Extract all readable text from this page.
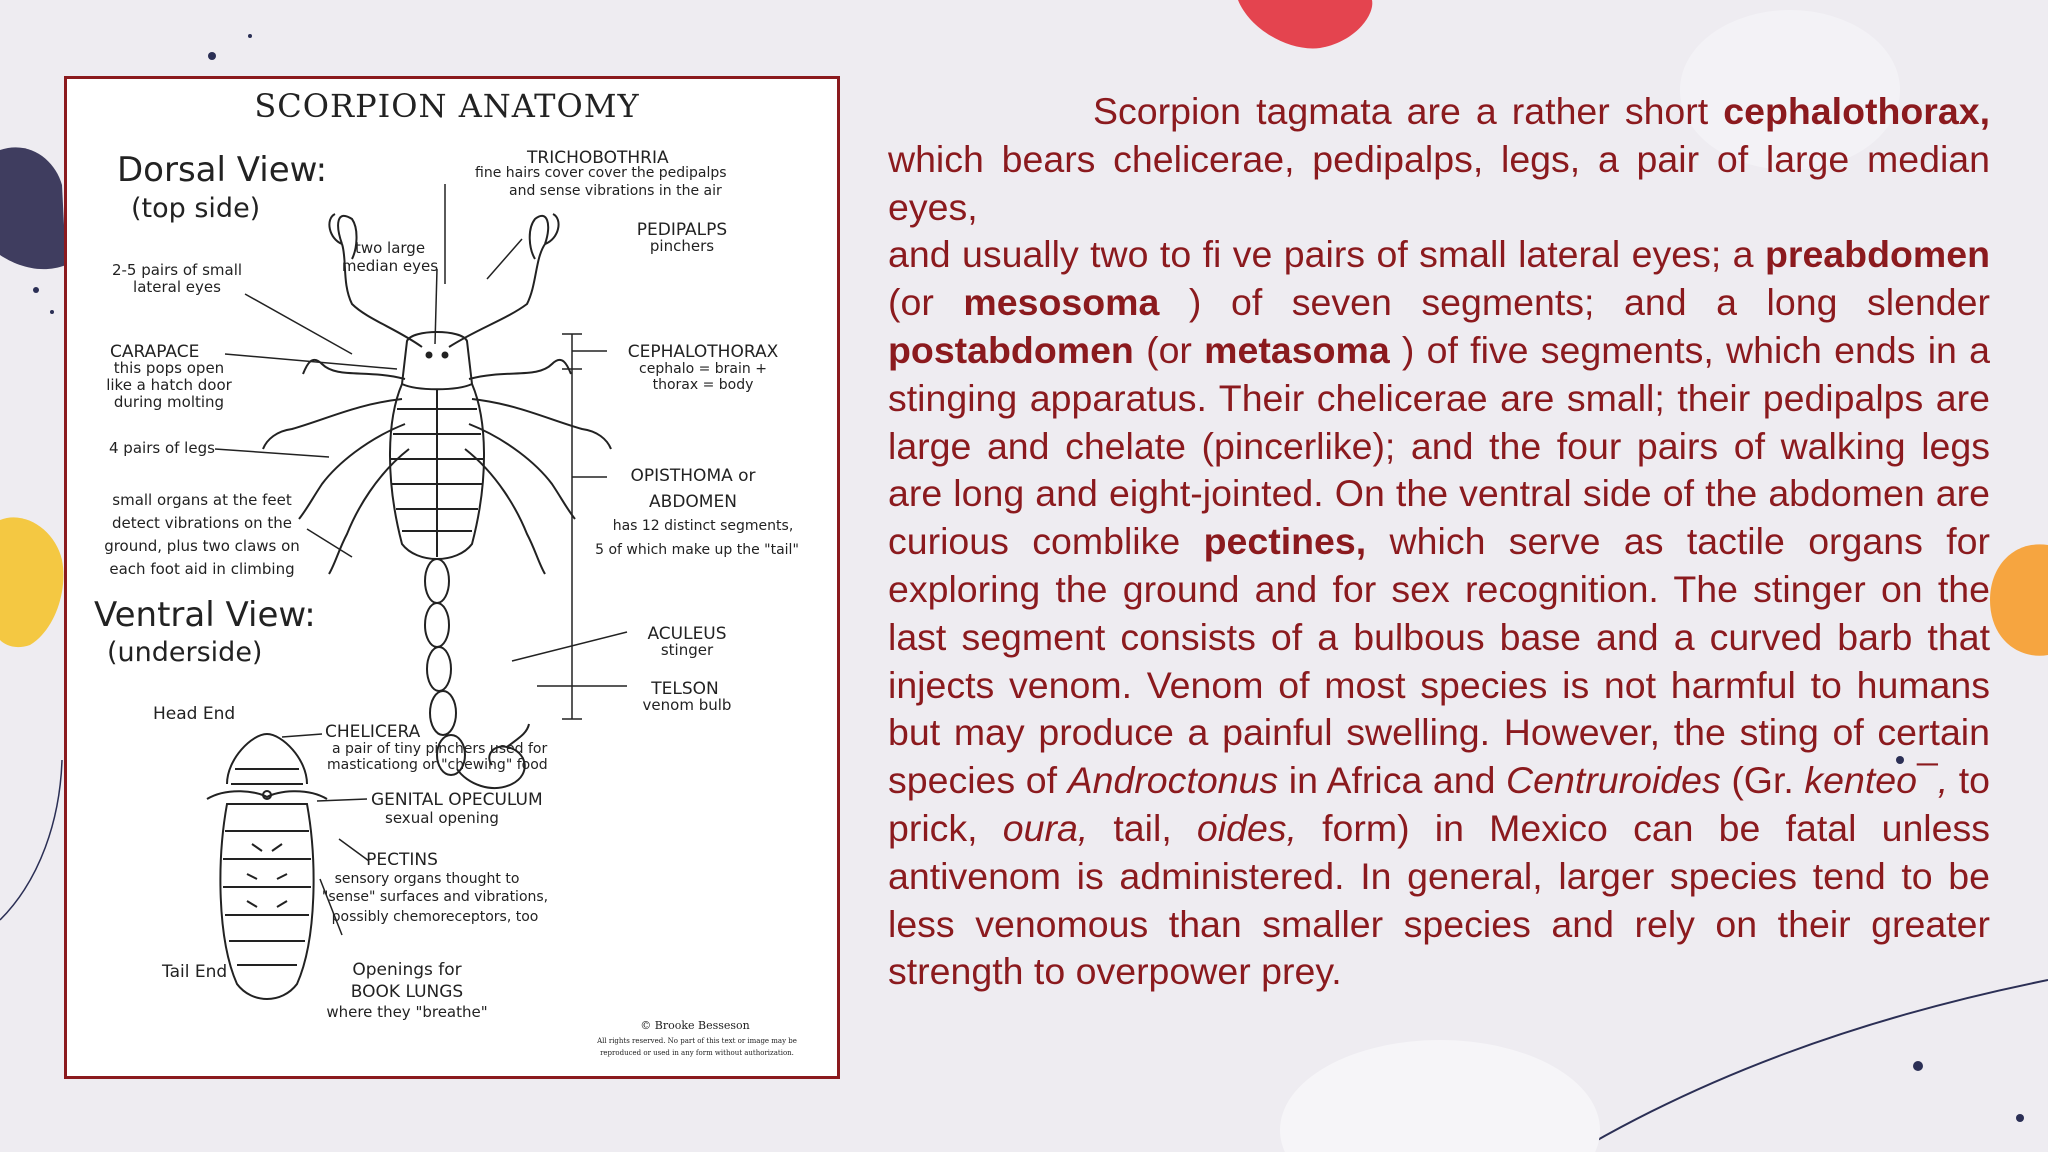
SCORPION ANATOMY
Dorsal View:
(top side)
Ventral View:
(underside)
TRICHOBOTHRIA
fine hairs cover cover the pedipalps
and sense vibrations in the air
two large
median eyes
PEDIPALPS
pinchers
2-5 pairs of small
lateral eyes
CARAPACE
this pops open
like a hatch door
during molting
CEPHALOTHORAX
cephalo = brain +
thorax = body
4 pairs of legs
OPISTHOMA or
ABDOMEN
has 12 distinct segments,
5 of which make up the "tail"
small organs at the feet
detect vibrations on the
ground, plus two claws on
each foot aid in climbing
ACULEUS
stinger
TELSON
venom bulb
Head End
CHELICERA
a pair of tiny pinchers used for
masticationg or "chewing" food
GENITAL OPECULUM
sexual opening
PECTINS
sensory organs thought to
"sense" surfaces and vibrations,
possibly chemoreceptors, too
Tail End	Openings for
BOOK LUNGS
where they "breathe"
© Brooke Besseson
All rights reserved. No part of this text or image may be
reproduced or used in any form without authorization.

Scorpion tagmata are a rather short cephalothorax, which bears chelicerae, pedipalps, legs, a pair of large median eyes,

and usually two to fi ve pairs of small lateral eyes; a preabdomen (or mesosoma ) of seven segments; and a long slender postabdomen (or metasoma ) of five segments, which ends in a stinging apparatus. Their chelicerae are small; their pedipalps are large and chelate (pincerlike); and the four pairs of walking legs are long and eight-jointed. On the ventral side of the abdomen are curious comblike pectines, which serve as tactile organs for exploring the ground and for sex recognition. The stinger on the last segment consists of a bulbous base and a curved barb that injects venom. Venom of most species is not harmful to humans but may produce a painful swelling. However, the sting of certain species of Androctonus in Africa and Centruroides (Gr. kenteo¯, to prick, oura, tail, oides, form) in Mexico can be fatal unless antivenom is administered. In general, larger species tend to be less venomous than smaller species and rely on their greater strength to overpower prey.
